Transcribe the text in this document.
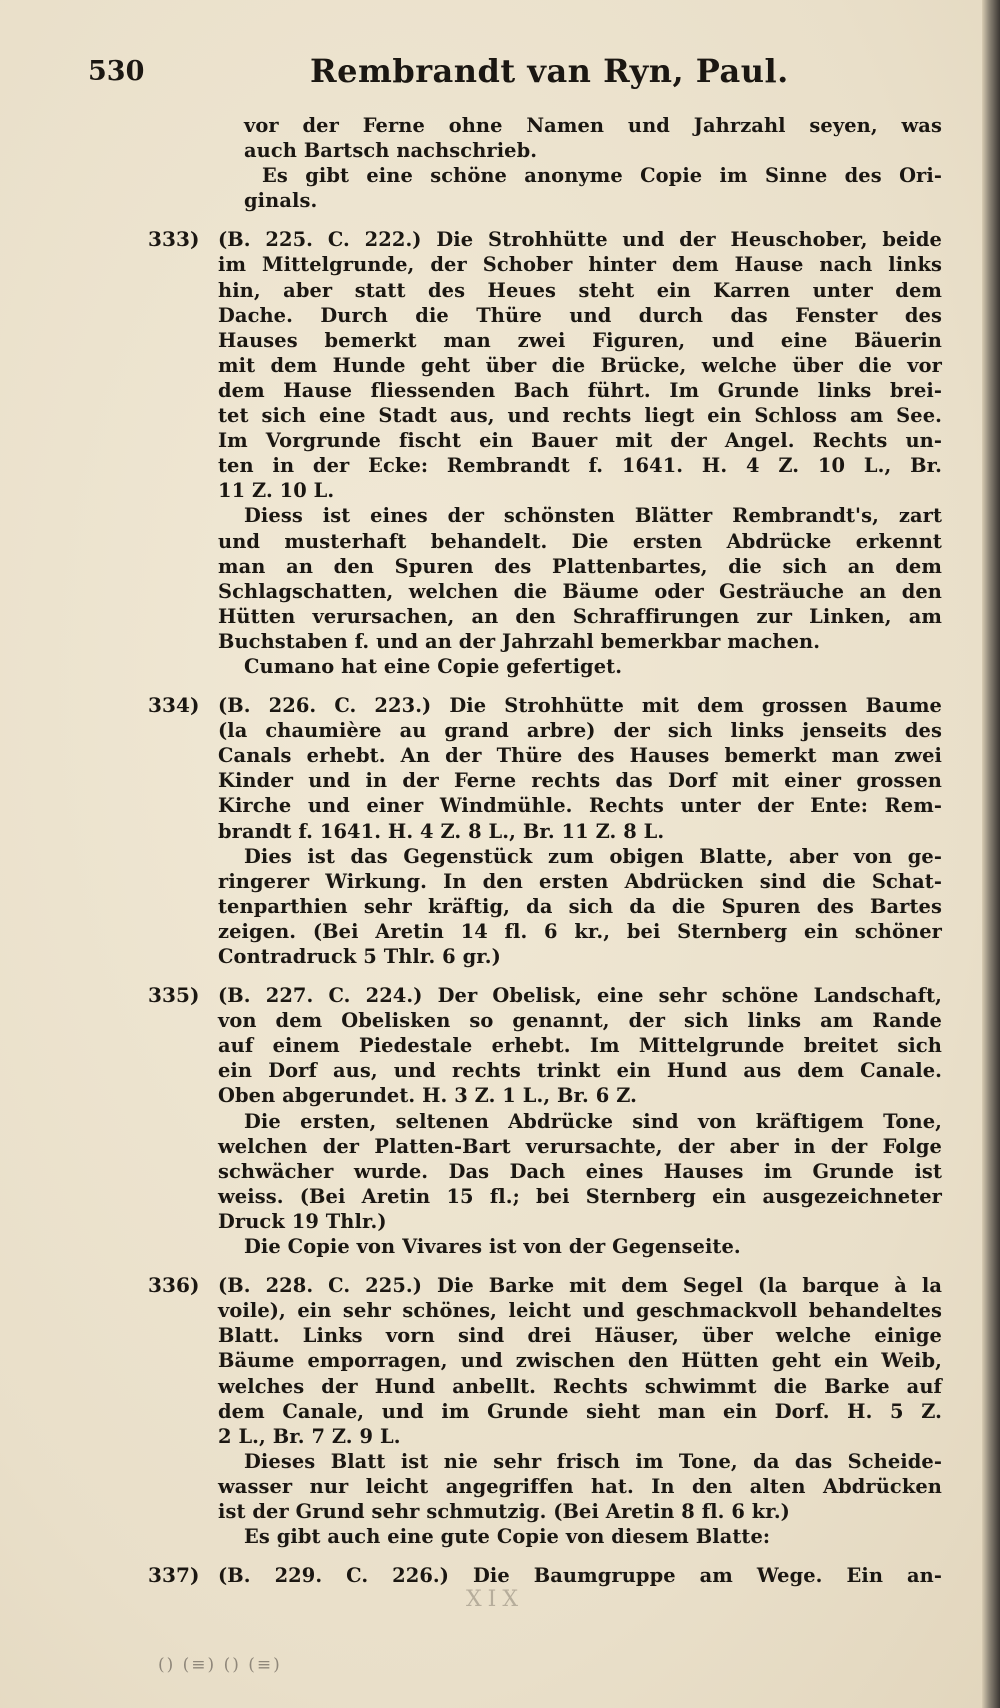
530	Rembrandt van Ryn, Paul.
vor der Ferne ohne Namen und Jahrzahl seyen, was
auch Bartsch nachschrieb.
Es gibt eine schöne anonyme Copie im Sinne des Ori-
ginals.
(B. 225. C. 222.) Die Strohhütte und der Heuschober, beide
333)
im Mittelgrunde, der Schober hinter dem Hause nach links
hin, aber statt des Heues steht ein Karren unter dem
Dache. Durch die Thüre und durch das Fenster des
Hauses bemerkt man zwei Figuren, und eine Bäuerin
mit dem Hunde geht über die Brücke, welche über die vor
dem Hause fliessenden Bach führt. Im Grunde links brei-
tet sich eine Stadt aus, und rechts liegt ein Schloss am See.
Im Vorgrunde fischt ein Bauer mit der Angel. Rechts un-
ten in der Ecke: Rembrandt f. 1641. H. 4 Z. 10 L., Br.
11 Z. 10 L.
Diess ist eines der schönsten Blätter Rembrandt's, zart
und musterhaft behandelt. Die ersten Abdrücke erkennt
man an den Spuren des Plattenbartes, die sich an dem
Schlagschatten, welchen die Bäume oder Gesträuche an den
Hütten verursachen, an den Schraffirungen zur Linken, am
Buchstaben f. und an der Jahrzahl bemerkbar machen.
Cumano hat eine Copie gefertiget.
(B. 226. C. 223.) Die Strohhütte mit dem grossen Baume
334)
(la chaumière au grand arbre) der sich links jenseits des
Canals erhebt. An der Thüre des Hauses bemerkt man zwei
Kinder und in der Ferne rechts das Dorf mit einer grossen
Kirche und einer Windmühle. Rechts unter der Ente: Rem-
brandt f. 1641. H. 4 Z. 8 L., Br. 11 Z. 8 L.
Dies ist das Gegenstück zum obigen Blatte, aber von ge-
ringerer Wirkung. In den ersten Abdrücken sind die Schat-
tenparthien sehr kräftig, da sich da die Spuren des Bartes
zeigen. (Bei Aretin 14 fl. 6 kr., bei Sternberg ein schöner
Contradruck 5 Thlr. 6 gr.)
(B. 227. C. 224.) Der Obelisk, eine sehr schöne Landschaft,
335)
von dem Obelisken so genannt, der sich links am Rande
auf einem Piedestale erhebt. Im Mittelgrunde breitet sich
ein Dorf aus, und rechts trinkt ein Hund aus dem Canale.
Oben abgerundet. H. 3 Z. 1 L., Br. 6 Z.
Die ersten, seltenen Abdrücke sind von kräftigem Tone,
welchen der Platten-Bart verursachte, der aber in der Folge
schwächer wurde. Das Dach eines Hauses im Grunde ist
weiss. (Bei Aretin 15 fl.; bei Sternberg ein ausgezeichneter
Druck 19 Thlr.)
Die Copie von Vivares ist von der Gegenseite.
(B. 228. C. 225.) Die Barke mit dem Segel (la barque à la
336)
voile), ein sehr schönes, leicht und geschmackvoll behandeltes
Blatt. Links vorn sind drei Häuser, über welche einige
Bäume emporragen, und zwischen den Hütten geht ein Weib,
welches der Hund anbellt. Rechts schwimmt die Barke auf
dem Canale, und im Grunde sieht man ein Dorf. H. 5 Z.
2 L., Br. 7 Z. 9 L.
Dieses Blatt ist nie sehr frisch im Tone, da das Scheide-
wasser nur leicht angegriffen hat. In den alten Abdrücken
ist der Grund sehr schmutzig. (Bei Aretin 8 fl. 6 kr.)
Es gibt auch eine gute Copie von diesem Blatte:
(B. 229. C. 226.) Die Baumgruppe am Wege. Ein an-
337)
XIX
() (≡) () (≡)
